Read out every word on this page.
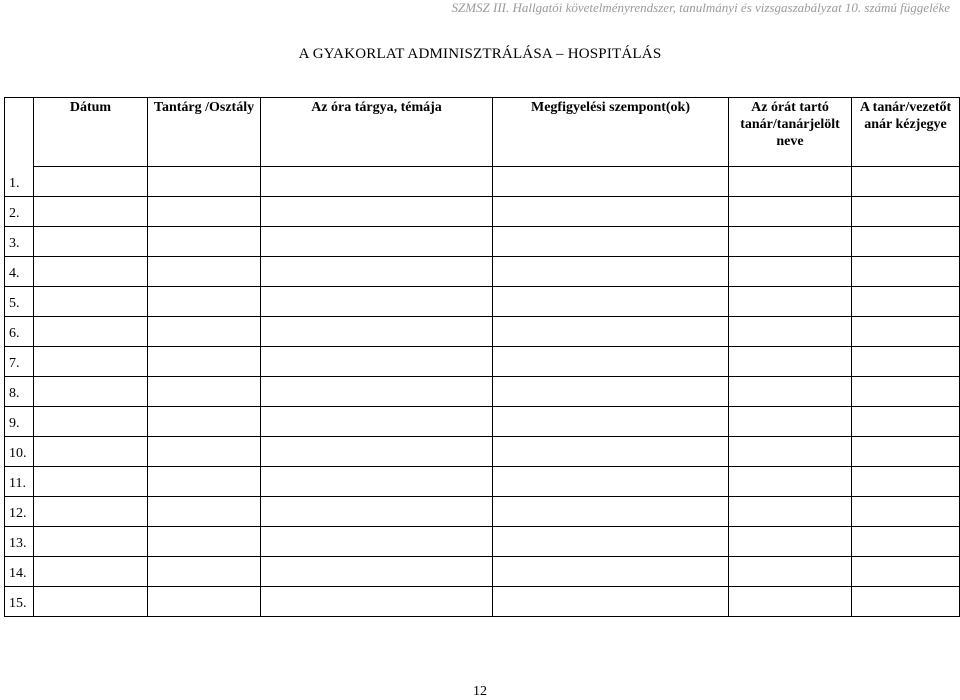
SZMSZ III. Hallgatói követelményrendszer, tanulmányi és vizsgaszabályzat 10. számú függeléke
A GYAKORLAT ADMINISZTRÁLÁSA – HOSPITÁLÁS
	Dátum	Tantárg /Osztály	Az óra tárgya, témája	Megfigyelési szempont(ok)	Az órát tartó tanár/tanárjelölt neve	A tanár/vezetőt anár kézjegye
1.						
2.						
3.						
4.						
5.						
6.						
7.						
8.						
9.						
10.						
11.						
12.						
13.						
14.						
15.						
12
